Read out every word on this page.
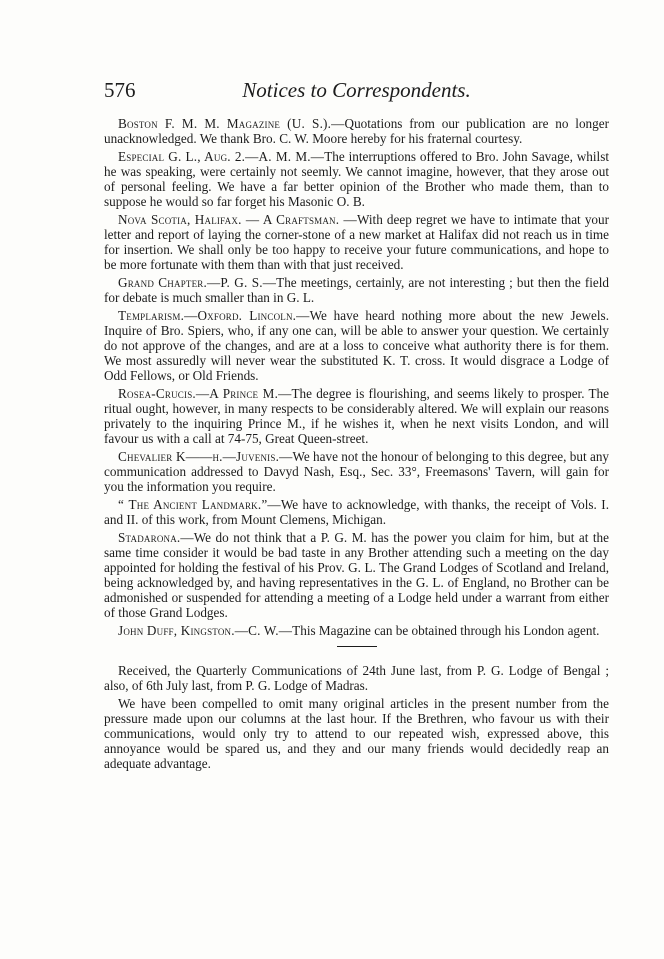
576	Notices to Correspondents.

Boston F. M. M. Magazine (U. S.).—Quotations from our publication are no longer unacknowledged. We thank Bro. C. W. Moore hereby for his fraternal courtesy.

Especial G. L., Aug. 2.—A. M. M.—The interruptions offered to Bro. John Savage, whilst he was speaking, were certainly not seemly. We cannot imagine, however, that they arose out of personal feeling. We have a far better opinion of the Brother who made them, than to suppose he would so far forget his Masonic O. B.

Nova Scotia, Halifax. — A Craftsman. —With deep regret we have to intimate that your letter and report of laying the corner-stone of a new market at Halifax did not reach us in time for insertion. We shall only be too happy to receive your future communications, and hope to be more fortunate with them than with that just received.

Grand Chapter.—P. G. S.—The meetings, certainly, are not interesting ; but then the field for debate is much smaller than in G. L.

Templarism.—Oxford. Lincoln.—We have heard nothing more about the new Jewels. Inquire of Bro. Spiers, who, if any one can, will be able to answer your question. We certainly do not approve of the changes, and are at a loss to conceive what authority there is for them. We most assuredly will never wear the substituted K. T. cross. It would disgrace a Lodge of Odd Fellows, or Old Friends.

Rosea-Crucis.—A Prince M.—The degree is flourishing, and seems likely to prosper. The ritual ought, however, in many respects to be considerably altered. We will explain our reasons privately to the inquiring Prince M., if he wishes it, when he next visits London, and will favour us with a call at 74-75, Great Queen-street.

Chevalier K——h.—Juvenis.—We have not the honour of belonging to this degree, but any communication addressed to Davyd Nash, Esq., Sec. 33°, Freemasons' Tavern, will gain for you the information you require.

“ The Ancient Landmark.”—We have to acknowledge, with thanks, the receipt of Vols. I. and II. of this work, from Mount Clemens, Michigan.

Stadarona.—We do not think that a P. G. M. has the power you claim for him, but at the same time consider it would be bad taste in any Brother attending such a meeting on the day appointed for holding the festival of his Prov. G. L. The Grand Lodges of Scotland and Ireland, being acknowledged by, and having representatives in the G. L. of England, no Brother can be admonished or suspended for attending a meeting of a Lodge held under a warrant from either of those Grand Lodges.

John Duff, Kingston.—C. W.—This Magazine can be obtained through his London agent.

Received, the Quarterly Communications of 24th June last, from P. G. Lodge of Bengal ; also, of 6th July last, from P. G. Lodge of Madras.

We have been compelled to omit many original articles in the present number from the pressure made upon our columns at the last hour. If the Brethren, who favour us with their communications, would only try to attend to our repeated wish, expressed above, this annoyance would be spared us, and they and our many friends would decidedly reap an adequate advantage.
